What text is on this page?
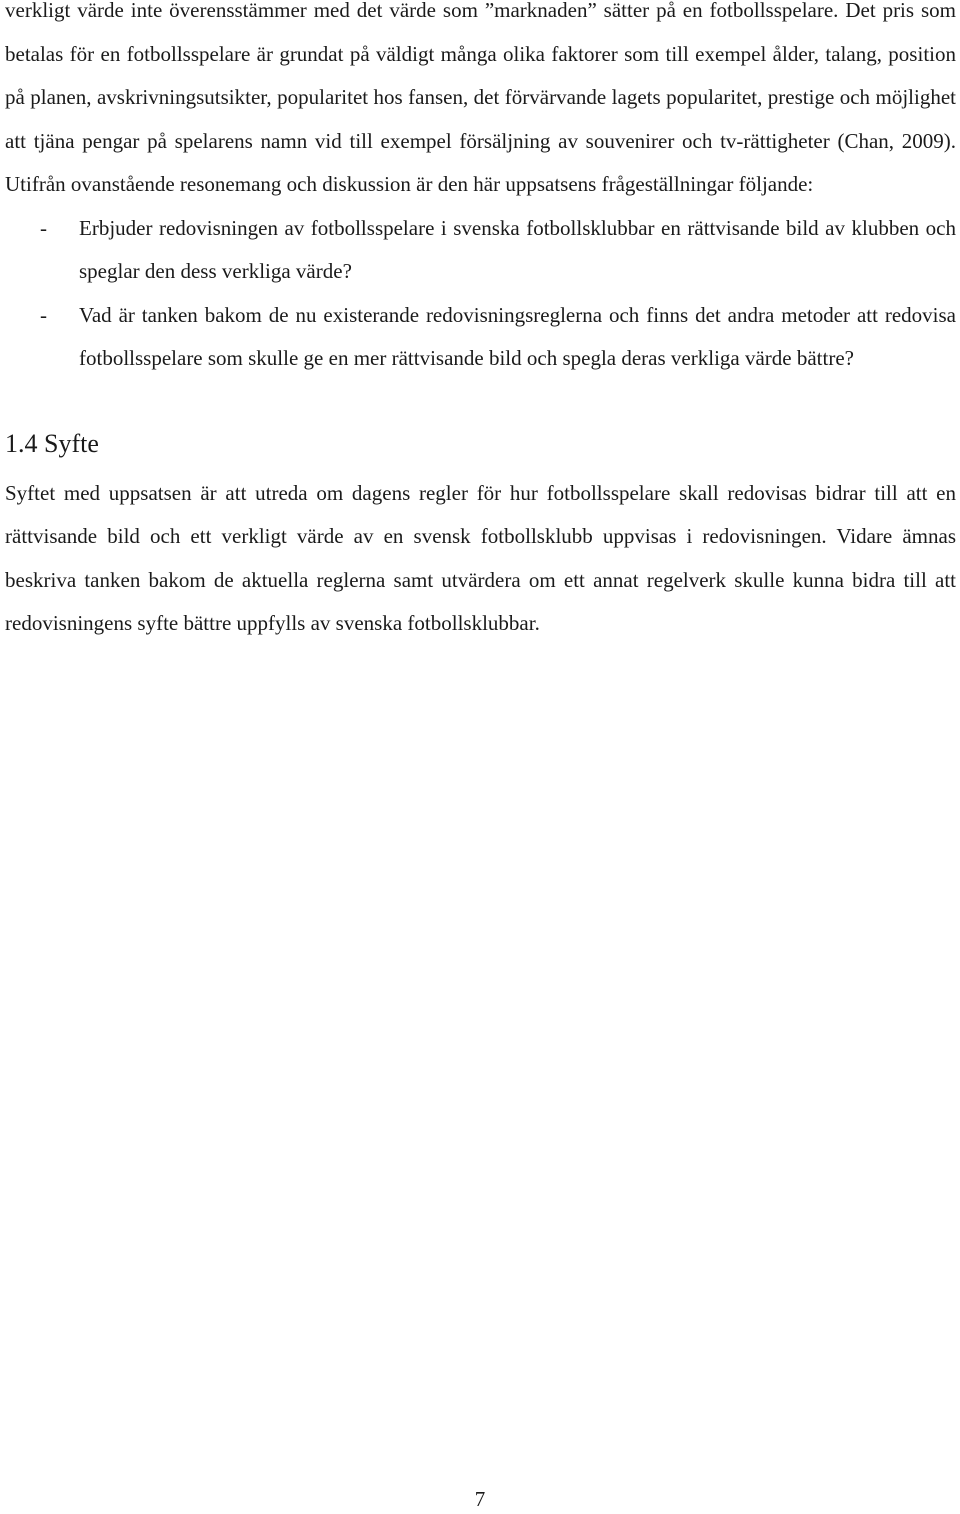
verkligt värde inte överensstämmer med det värde som ”marknaden” sätter på en fotbollsspelare. Det pris som betalas för en fotbollsspelare är grundat på väldigt många olika faktorer som till exempel ålder, talang, position på planen, avskrivningsutsikter, popularitet hos fansen, det förvärvande lagets popularitet, prestige och möjlighet att tjäna pengar på spelarens namn vid till exempel försäljning av souvenirer och tv-rättigheter (Chan, 2009). Utifrån ovanstående resonemang och diskussion är den här uppsatsens frågeställningar följande:

- Erbjuder redovisningen av fotbollsspelare i svenska fotbollsklubbar en rättvisande bild av klubben och speglar den dess verkliga värde?
- Vad är tanken bakom de nu existerande redovisningsreglerna och finns det andra metoder att redovisa fotbollsspelare som skulle ge en mer rättvisande bild och spegla deras verkliga värde bättre?
1.4 Syfte

Syftet med uppsatsen är att utreda om dagens regler för hur fotbollsspelare skall redovisas bidrar till att en rättvisande bild och ett verkligt värde av en svensk fotbollsklubb uppvisas i redovisningen. Vidare ämnas beskriva tanken bakom de aktuella reglerna samt utvärdera om ett annat regelverk skulle kunna bidra till att redovisningens syfte bättre uppfylls av svenska fotbollsklubbar.

7
